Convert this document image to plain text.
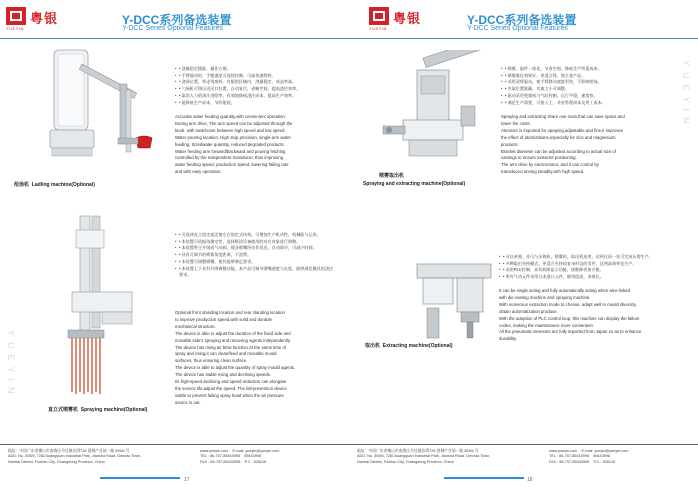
粤银
YUEYIN
Y-DCC系列备选装置
Y-DCC Series Optional Features
给汤机 Ladling machine(Optional)
• • 浇量稳定精准，操作方便。
• • 手臂能动时，手摆速度可连续控制，可高效速给料。
• • 浇汤位置，带走残废料，有限的区域内，浇量稳定，成品率高。
• • 勺汤机可调压送出口位置，自动复位，省略空间，提高浇注效率。
• • 取消人力的汤汁浇给率，有效地降低浇注成本，提高生产效率。
• • 能降低生产成本，节约能耗。
Accurate water feeding quantity,with convenient operation.
During arm drive, The arm speed can be adjusted through the
knob, with switchover between high speed and low speed.
Water pouring location. High stop precision, single-arm water
feeding, Sizedwater quantity, reduced degraded products
Water feeding arm forward/backward and pouring fetching
controlled by the independent transducer, thus improving
water feeding speed, production speed, lowering failing rate
and with easy operation.
直立式喷雾机 Spraying machine(Optional)
• • 可选择直立固定或活塞左右固定式结构，可增加生产机动性，机械能与运用。
• • 本装置可依据待测定性、选择喷涂设备使用的对应对象进行调整。
• • 本装置带主升级成气动阀，使各喷嘴经动作延迟，自动调节，可减少时间。
• • 具有可调节的喷雾角度距离，不浪费。
• • 本装置可调整喷嘴，使其能够满足要求。
• • 本装置上下具有升降调整功能，本产品可调节喷嘴速度与长度，能够满足模具的浇注要求。
Optional front standing location and rear standing location
to improve production speed,with solid and durable
mechanical structure.
The device is able to adjust the duration of the fixed side and
movable side's spraying and removing agents independently.
The device has rising air blow function.At the same time of
spray and rising,it can clean/feed and movable mould
surfaces, thus ensuring clean surface.
The device is able to adjust the quantity of spray mould agents.
The device has stable rising and declining speeds.
Its high-speed declining and speed reduction can elongate
the service life,adjust the speed. The fall-prevention device
isable to prevent failing spray head when the air pressure
source is out.
YUEYIN
地址：中国广东省佛山市南海区丹灶镇沙湃728 创城产业园一路 305/6 号
ADD: No. 305/6, 728Chuangyuan Industrial Park, Jiansha Road, Denzao Town,
Nanhai District, Foshan City, Guangdong Province, China
www.yueyin.com E-mail: yueyin@yueyin.com
TEL : 86-757-85443998 85443998
FAX : 86-757-85443998 P.C : 528216
17
粤银
YUEYIN
Y-DCC系列备选装置
Y-DCC Series Optional Features
喷雾取出机
Spraying and extracting machine(Optional)
• • 喷雾、取件一体化，节省空间，降低生产所需成本。
• • 喷雾雾化效果好，更适合镁、铸合金产品。
• • 采用双臂驱动，使手臂移动速度更快，不影响给汤。
• • 夹取位置准确，夹取大小可调整。
• • 驱动采用变频机与气缸控制，运行平稳，速度快。
• • 满足生产需要，可接入工，节省管理成本及用工成本。
Spraying and extracting share one main,that can save space and
lower the costs.
Atomizer is imported for spraying,adjustable and fine,it improves
the effect of atomizations,especially for zinc and magnesium
products.
Bracket diameter can be adjusted according to actual size of
castings to ensure extractor positioning.
The arm drive by electromotor, and it can control by
transducer,running steadily,with high speed.
取出机 Extracting machine(Optional)
• • 可以单独、亦可与压铸机、喷雾机、取出机连用，达到在同一处可完成压铸生产。
• • 多种取出夹持模式，更适合夹持较复杂形态的零件，达到高效率化生产。
• • 采用PLC控制，具有故障显示功能，使维修更加方便。
• • 所有气动元件采用日本进口元件，耐用度高，寿命长。
It can be single acting and fully automatically acting when wire-linked
with die-casting machine and spraying machine.
With numerous extraction mode to choose, adapt well to mould diversity,
obtain automatization produce.
With the adoption of PLC control loop, this machine can display the failure
codes, making the maintenance more convenient.
All the pneumatic elements are fully imported from Japan so as to enhance
durability.
YUEYIN
地址：中国广东省佛山市南海区丹灶镇沙湃728 创城产业园一路 305/6 号
ADD: No. 305/6, 728Chuangyuan Industrial Park, Jiansha Road, Denzao Town,
Nanhai District, Foshan City, Guangdong Province, China
www.yueyin.com E-mail: yueyin@yueyin.com
TEL : 86-757-85443998 85443998
FAX : 86-757-85443998 P.C : 528216
18
